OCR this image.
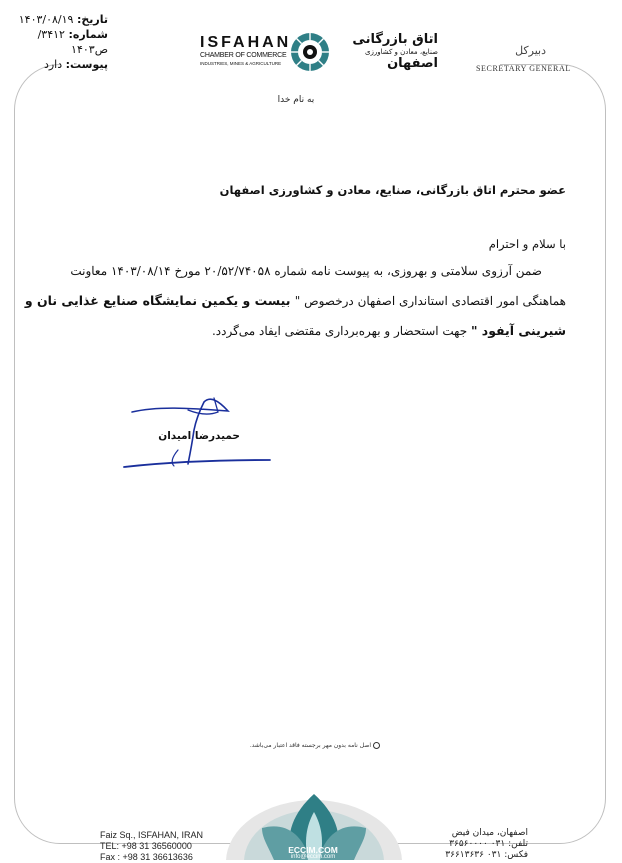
تاریخ: ۱۴۰۳/۰۸/۱۹
شماره: ۳۴۱۲/ص۱۴۰۳
پیوست: دارد
ISFAHAN
CHAMBER OF COMMERCE
INDUSTRIES, MINES & AGRICULTURE
اتاق بازرگانی
صنایع، معادن و کشاورزی
اصفهان
دبیرکل
SECRETARY GENERAL
به نام خدا
عضو محترم اتاق بازرگانی، صنایع، معادن و کشاورزی اصفهان
با سلام و احترام
ضمن آرزوی سلامتی و بهروزی، به پیوست نامه شماره ۲۰/۵۲/۷۴۰۵۸ مورخ ۱۴۰۳/۰۸/۱۴ معاونت
هماهنگی امور اقتصادی استانداری اصفهان درخصوص " بیست و یکمین نمایشگاه صنایع غذایی نان و
شیرینی آیفود " جهت استحضار و بهره‌برداری مقتضی ایفاد می‌گردد.
حمیدرضا امیدان
اصل نامه بدون مهر برجسته فاقد اعتبار می‌باشد.
ECCIM.COM
info@eccim.com
Faiz Sq., ISFAHAN, IRAN
TEL: +98 31 36560000
Fax : +98 31 36613636
اصفهان، میدان فیض
تلفن: ۰۳۱ ۳۶۵۶۰۰۰۰
فکس: ۰۳۱ ۳۶۶۱۳۶۳۶
